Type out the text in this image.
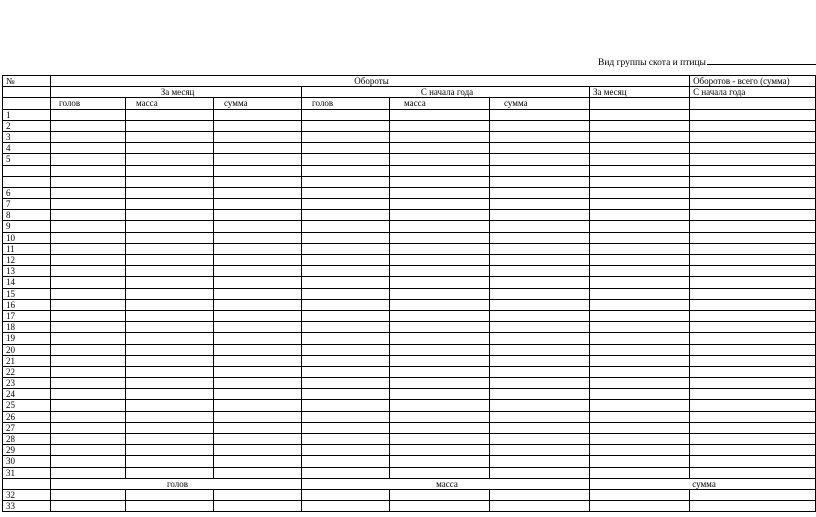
Вид группы скота и птицы
№	Обороты							Оборотов - всего (сумма)
	За месяц			С начала года			За месяц	С начала года
	голов	масса	сумма	голов	масса	сумма		
1								
2								
3								
4								
5								

6								
7								
8								
9								
10								
11								
12								
13								
14								
15								
16								
17								
18								
19								
20								
21								
22								
23								
24								
25								
26								
27								
28								
29								
30								
31								
	голов			масса			сумма	
32								
33								
